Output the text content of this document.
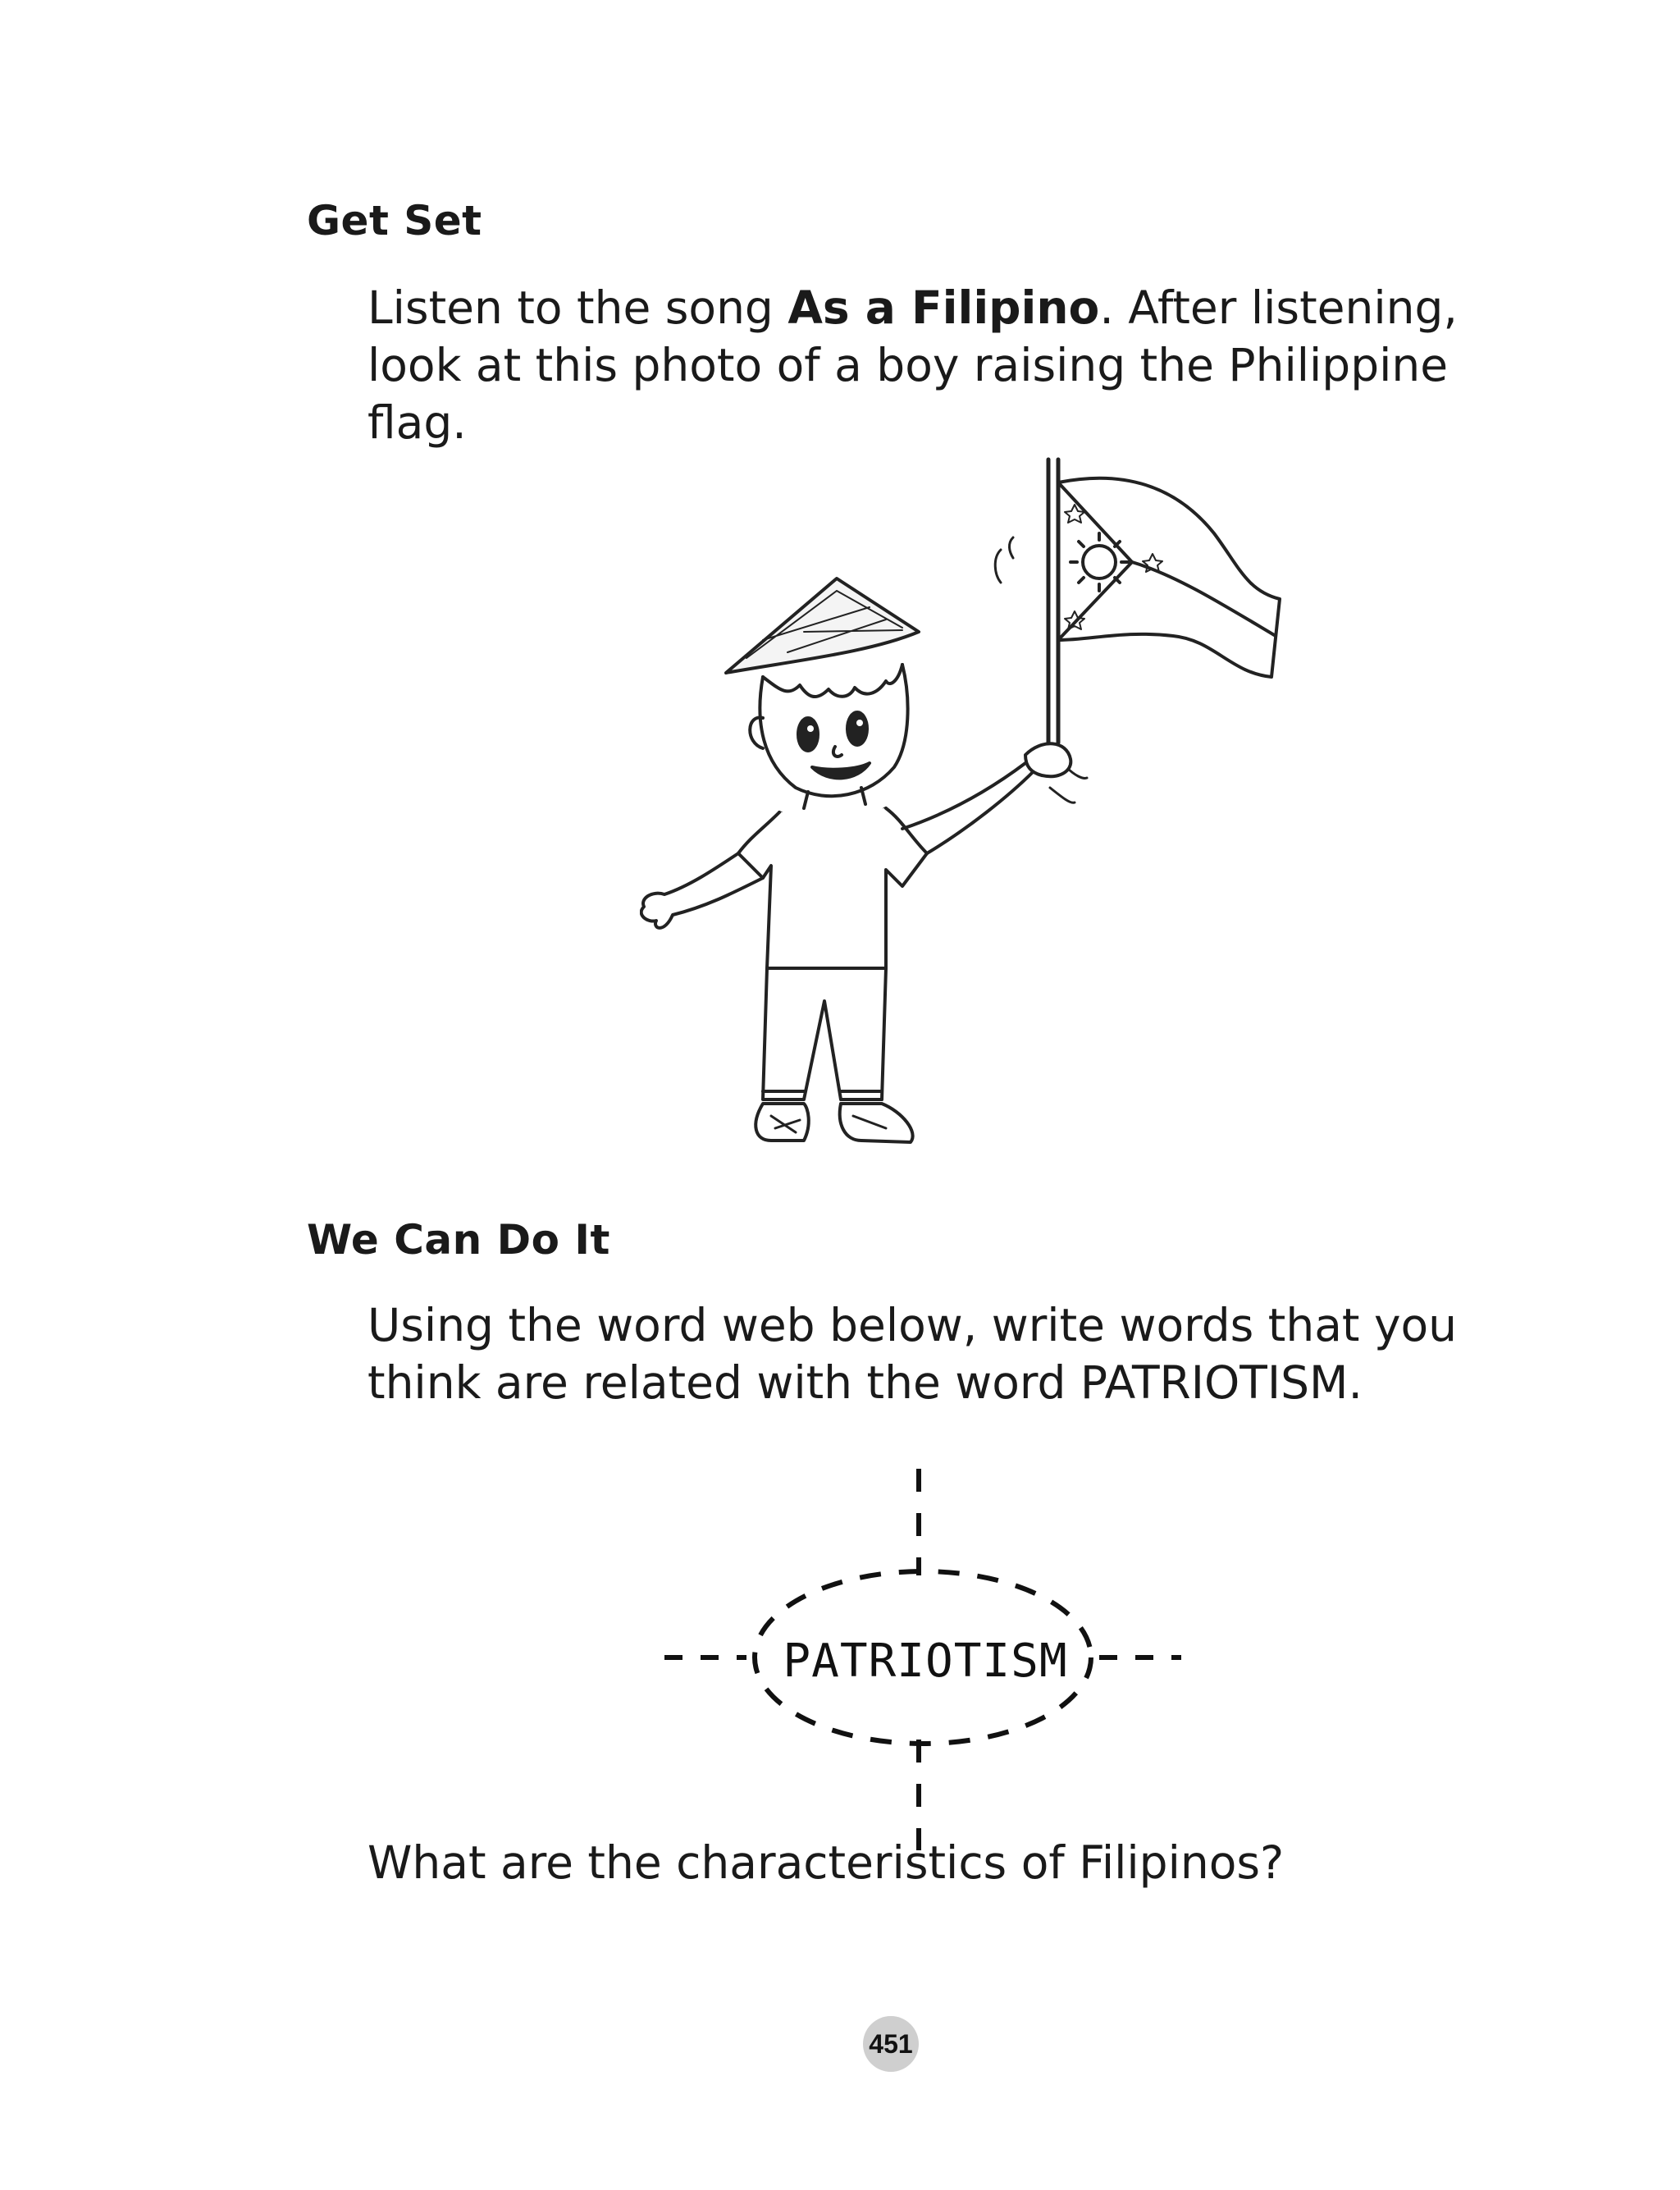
Get Set

Listen to the song As a Filipino. After listening, look at this photo of a boy raising the Philippine flag.

We Can Do It

Using the word web below, write words that you think are related with the word PATRIOTISM.

PATRIOTISM

What are the characteristics of Filipinos?

451
